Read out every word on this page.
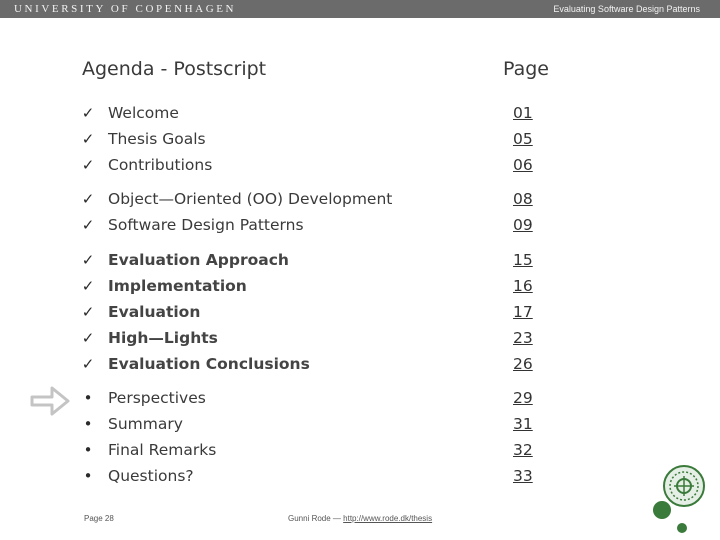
UNIVERSITY OF COPENHAGEN	Evaluating Software Design Patterns
Agenda - Postscript	Page
✓ Welcome	01
✓ Thesis Goals	05
✓ Contributions	06
✓ Object—Oriented (OO) Development	08
✓ Software Design Patterns	09
✓ Evaluation Approach	15
✓ Implementation	16
✓ Evaluation	17
✓ High—Lights	23
✓ Evaluation Conclusions	26
• Perspectives	29
• Summary	31
• Final Remarks	32
• Questions?	33
Page 28	Gunni Rode — http://www.rode.dk/thesis
